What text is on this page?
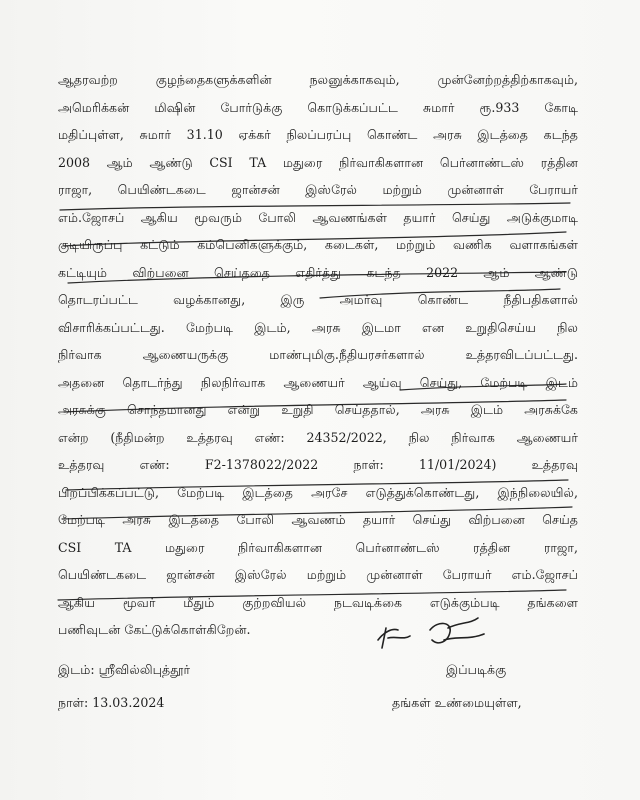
ஆதரவற்ற குழந்தைகளுக்களின் நலனுக்காகவும், முன்னேற்றத்திற்காகவும்,
அமெரிக்கன் மிஷின் போர்டுக்கு கொடுக்கப்பட்ட சுமார் ரூ.933 கோடி
மதிப்புள்ள, சுமார் 31.10 ஏக்கர் நிலப்பரப்பு கொண்ட அரசு இடத்தை கடந்த
2008 ஆம் ஆண்டு CSI TA மதுரை நிர்வாகிகளான பெர்னாண்டஸ் ரத்தின
ராஜா, பெயிண்டகடை ஜான்சன் இஸ்ரேல் மற்றும் முன்னாள் பேராயர்
எம்.ஜோசப் ஆகிய மூவரும் போலி ஆவணங்கள் தயார் செய்து அடுக்குமாடி
குடியிருப்பு கட்டும் கம்பெனிகளுக்கும், கடைகள், மற்றும் வணிக வளாகங்கள்
கட்டியும் விற்பனை செய்ததை எதிர்த்து கடந்த 2022 ஆம் ஆண்டு
தொடரப்பட்ட வழக்கானது, இரு அமர்வு கொண்ட நீதிபதிகளால்
விசாரிக்கப்பட்டது. மேற்படி இடம், அரசு இடமா என உறுதிசெய்ய நில
நிர்வாக ஆணையருக்கு மாண்புமிகு.நீதியரசர்களால் உத்தரவிடப்பட்டது.
அதனை தொடர்ந்து நிலநிர்வாக ஆணையர் ஆய்வு செய்து, மேற்படி இடம்
அரசுக்கு சொந்தமானது என்று உறுதி செய்ததால், அரசு இடம் அரசுக்கே
என்ற (நீதிமன்ற உத்தரவு எண்: 24352/2022, நில நிர்வாக ஆணையர்
உத்தரவு எண்: F2-1378022/2022 நாள்: 11/01/2024) உத்தரவு
பிறப்பிக்கப்பட்டு, மேற்படி இடத்தை அரசே எடுத்துக்கொண்டது, இந்நிலையில்,
மேற்படி அரசு இடத்தை போலி ஆவணம் தயார் செய்து விற்பனை செய்த
CSI TA மதுரை நிர்வாகிகளான பெர்னாண்டஸ் ரத்தின ராஜா,
பெயிண்டகடை ஜான்சன் இஸ்ரேல் மற்றும் முன்னாள் பேராயர் எம்.ஜோசப்
ஆகிய மூவர் மீதும் குற்றவியல் நடவடிக்கை எடுக்கும்படி தங்களை
பணிவுடன் கேட்டுக்கொள்கிறேன்.
இடம்: ஸ்ரீவில்லிபுத்தூர்
நாள்: 13.03.2024
இப்படிக்கு
தங்கள் உண்மையுள்ள,
